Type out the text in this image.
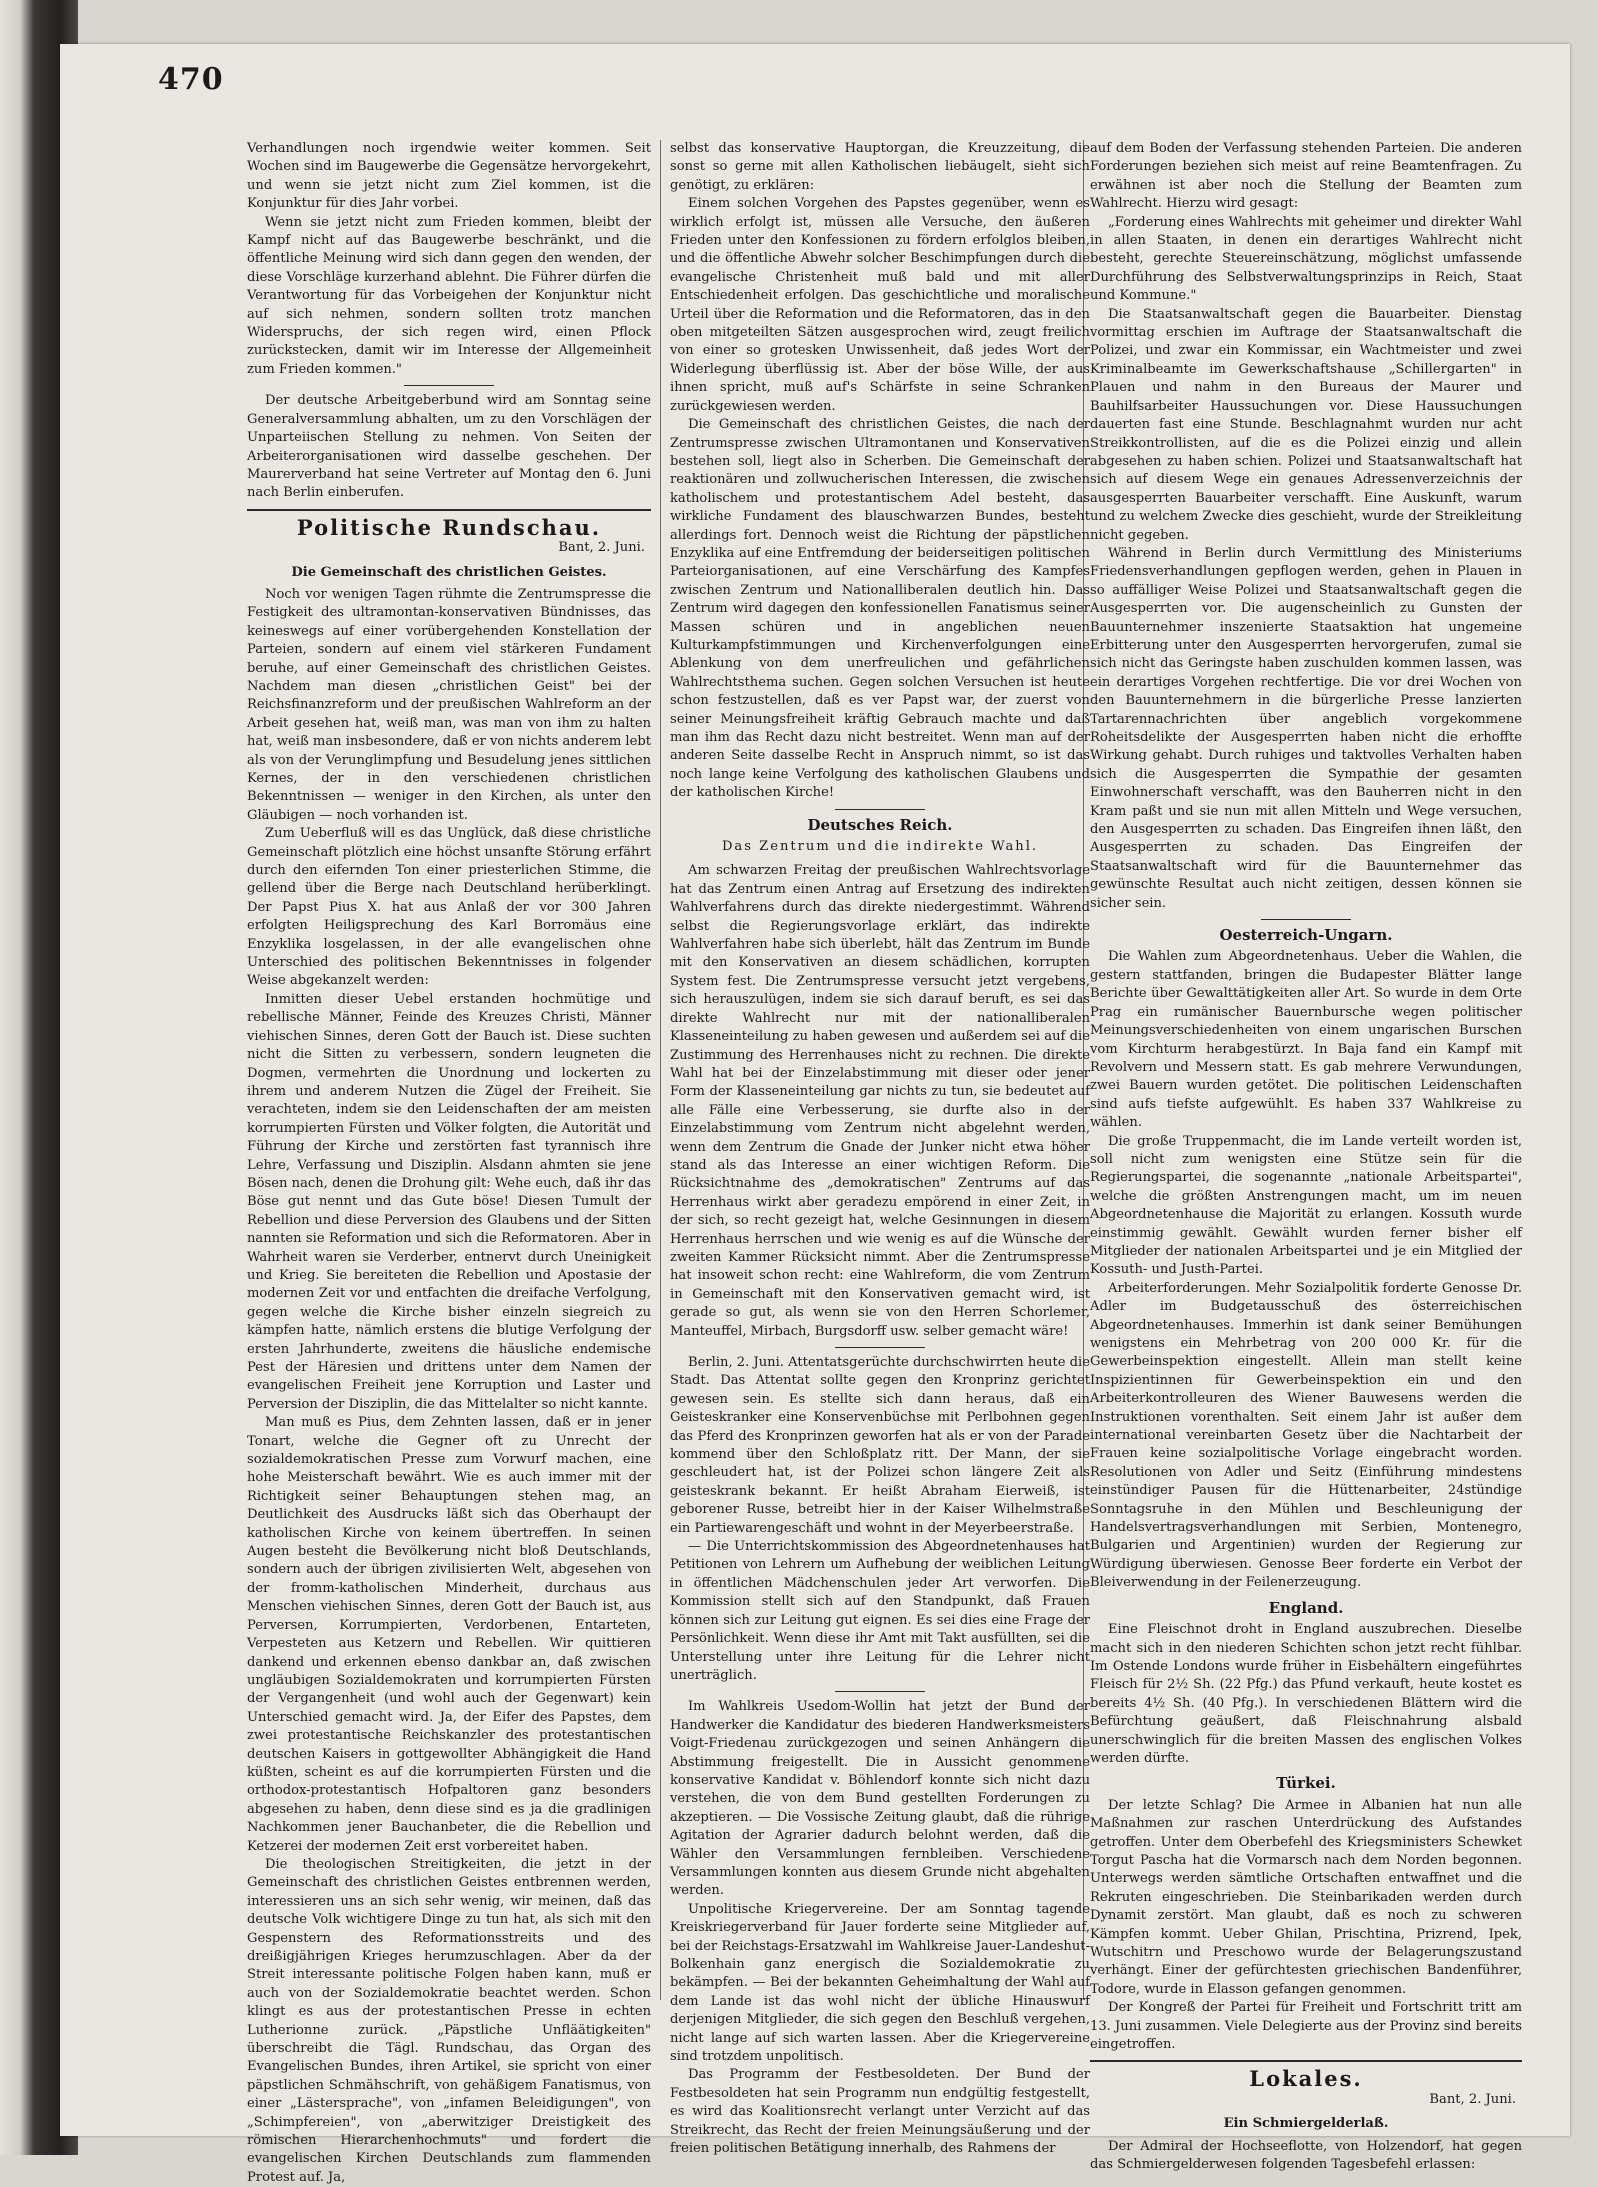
470

Verhandlungen noch irgendwie weiter kommen. Seit Wochen sind im Baugewerbe die Gegensätze hervorgekehrt, und wenn sie jetzt nicht zum Ziel kommen, ist die Konjunktur für dies Jahr vorbei.

Wenn sie jetzt nicht zum Frieden kommen, bleibt der Kampf nicht auf das Baugewerbe beschränkt, und die öffentliche Meinung wird sich dann gegen den wenden, der diese Vorschläge kurzerhand ablehnt. Die Führer dürfen die Verantwortung für das Vorbeigehen der Konjunktur nicht auf sich nehmen, sondern sollten trotz manchen Widerspruchs, der sich regen wird, einen Pflock zurückstecken, damit wir im Interesse der Allgemeinheit zum Frieden kommen."

Der deutsche Arbeitgeberbund wird am Sonntag seine Generalversammlung abhalten, um zu den Vorschlägen der Unparteiischen Stellung zu nehmen. Von Seiten der Arbeiterorganisationen wird dasselbe geschehen. Der Maurerverband hat seine Vertreter auf Montag den 6. Juni nach Berlin einberufen.

Politische Rundschau.
Bant, 2. Juni.
Die Gemeinschaft des christlichen Geistes.

Noch vor wenigen Tagen rühmte die Zentrumspresse die Festigkeit des ultramontan-konservativen Bündnisses, das keineswegs auf einer vorübergehenden Konstellation der Parteien, sondern auf einem viel stärkeren Fundament beruhe, auf einer Gemeinschaft des christlichen Geistes. Nachdem man diesen „christlichen Geist" bei der Reichsfinanzreform und der preußischen Wahlreform an der Arbeit gesehen hat, weiß man, was man von ihm zu halten hat, weiß man insbesondere, daß er von nichts anderem lebt als von der Verunglimpfung und Besudelung jenes sittlichen Kernes, der in den verschiedenen christlichen Bekenntnissen — weniger in den Kirchen, als unter den Gläubigen — noch vorhanden ist.

Zum Ueberfluß will es das Unglück, daß diese christliche Gemeinschaft plötzlich eine höchst unsanfte Störung erfährt durch den eifernden Ton einer priesterlichen Stimme, die gellend über die Berge nach Deutschland herüberklingt. Der Papst Pius X. hat aus Anlaß der vor 300 Jahren erfolgten Heiligsprechung des Karl Borromäus eine Enzyklika losgelassen, in der alle evangelischen ohne Unterschied des politischen Bekenntnisses in folgender Weise abgekanzelt werden:

Inmitten dieser Uebel erstanden hochmütige und rebellische Männer, Feinde des Kreuzes Christi, Männer viehischen Sinnes, deren Gott der Bauch ist. Diese suchten nicht die Sitten zu verbessern, sondern leugneten die Dogmen, vermehrten die Unordnung und lockerten zu ihrem und anderem Nutzen die Zügel der Freiheit. Sie verachteten, indem sie den Leidenschaften der am meisten korrumpierten Fürsten und Völker folgten, die Autorität und Führung der Kirche und zerstörten fast tyrannisch ihre Lehre, Verfassung und Disziplin. Alsdann ahmten sie jene Bösen nach, denen die Drohung gilt: Wehe euch, daß ihr das Böse gut nennt und das Gute böse! Diesen Tumult der Rebellion und diese Perversion des Glaubens und der Sitten nannten sie Reformation und sich die Reformatoren. Aber in Wahrheit waren sie Verderber, entnervt durch Uneinigkeit und Krieg. Sie bereiteten die Rebellion und Apostasie der modernen Zeit vor und entfachten die dreifache Verfolgung, gegen welche die Kirche bisher einzeln siegreich zu kämpfen hatte, nämlich erstens die blutige Verfolgung der ersten Jahrhunderte, zweitens die häusliche endemische Pest der Häresien und drittens unter dem Namen der evangelischen Freiheit jene Korruption und Laster und Perversion der Disziplin, die das Mittelalter so nicht kannte.

Man muß es Pius, dem Zehnten lassen, daß er in jener Tonart, welche die Gegner oft zu Unrecht der sozialdemokratischen Presse zum Vorwurf machen, eine hohe Meisterschaft bewährt. Wie es auch immer mit der Richtigkeit seiner Behauptungen stehen mag, an Deutlichkeit des Ausdrucks läßt sich das Oberhaupt der katholischen Kirche von keinem übertreffen. In seinen Augen besteht die Bevölkerung nicht bloß Deutschlands, sondern auch der übrigen zivilisierten Welt, abgesehen von der fromm-katholischen Minderheit, durchaus aus Menschen viehischen Sinnes, deren Gott der Bauch ist, aus Perversen, Korrumpierten, Verdorbenen, Entarteten, Verpesteten aus Ketzern und Rebellen. Wir quittieren dankend und erkennen ebenso dankbar an, daß zwischen ungläubigen Sozialdemokraten und korrumpierten Fürsten der Vergangenheit (und wohl auch der Gegenwart) kein Unterschied gemacht wird. Ja, der Eifer des Papstes, dem zwei protestantische Reichskanzler des protestantischen deutschen Kaisers in gottgewollter Abhängigkeit die Hand küßten, scheint es auf die korrumpierten Fürsten und die orthodox-protestantisch Hofpaltoren ganz besonders abgesehen zu haben, denn diese sind es ja die gradlinigen Nachkommen jener Bauchanbeter, die die Rebellion und Ketzerei der modernen Zeit erst vorbereitet haben.

Die theologischen Streitigkeiten, die jetzt in der Gemeinschaft des christlichen Geistes entbrennen werden, interessieren uns an sich sehr wenig, wir meinen, daß das deutsche Volk wichtigere Dinge zu tun hat, als sich mit den Gespenstern des Reformationsstreits und des dreißigjährigen Krieges herumzuschlagen. Aber da der Streit interessante politische Folgen haben kann, muß er auch von der Sozialdemokratie beachtet werden. Schon klingt es aus der protestantischen Presse in echten Lutherionne zurück. „Päpstliche Unfläätigkeiten" überschreibt die Tägl. Rundschau, das Organ des Evangelischen Bundes, ihren Artikel, sie spricht von einer päpstlichen Schmähschrift, von gehäßigem Fanatismus, von einer „Lästersprache", von „infamen Beleidigungen", von „Schimpfereien", von „aberwitziger Dreistigkeit des römischen Hierarchenhochmuts" und fordert die evangelischen Kirchen Deutschlands zum flammenden Protest auf. Ja,

selbst das konservative Hauptorgan, die Kreuzzeitung, die sonst so gerne mit allen Katholischen liebäugelt, sieht sich genötigt, zu erklären:

Einem solchen Vorgehen des Papstes gegenüber, wenn es wirklich erfolgt ist, müssen alle Versuche, den äußeren Frieden unter den Konfessionen zu fördern erfolglos bleiben, und die öffentliche Abwehr solcher Beschimpfungen durch die evangelische Christenheit muß bald und mit aller Entschiedenheit erfolgen. Das geschichtliche und moralische Urteil über die Reformation und die Reformatoren, das in den oben mitgeteilten Sätzen ausgesprochen wird, zeugt freilich von einer so grotesken Unwissenheit, daß jedes Wort der Widerlegung überflüssig ist. Aber der böse Wille, der aus ihnen spricht, muß auf's Schärfste in seine Schranken zurückgewiesen werden.

Die Gemeinschaft des christlichen Geistes, die nach der Zentrumspresse zwischen Ultramontanen und Konservativen bestehen soll, liegt also in Scherben. Die Gemeinschaft der reaktionären und zollwucherischen Interessen, die zwischen katholischem und protestantischem Adel besteht, das wirkliche Fundament des blauschwarzen Bundes, besteht allerdings fort. Dennoch weist die Richtung der päpstlichen Enzyklika auf eine Entfremdung der beiderseitigen politischen Parteiorganisationen, auf eine Verschärfung des Kampfes zwischen Zentrum und Nationalliberalen deutlich hin. Das Zentrum wird dagegen den konfessionellen Fanatismus seiner Massen schüren und in angeblichen neuen Kulturkampfstimmungen und Kirchenverfolgungen eine Ablenkung von dem unerfreulichen und gefährlichen Wahlrechtsthema suchen. Gegen solchen Versuchen ist heute schon festzustellen, daß es ver Papst war, der zuerst von seiner Meinungsfreiheit kräftig Gebrauch machte und daß man ihm das Recht dazu nicht bestreitet. Wenn man auf der anderen Seite dasselbe Recht in Anspruch nimmt, so ist das noch lange keine Verfolgung des katholischen Glaubens und der katholischen Kirche!

Deutsches Reich.
Das Zentrum und die indirekte Wahl.

Am schwarzen Freitag der preußischen Wahlrechtsvorlage hat das Zentrum einen Antrag auf Ersetzung des indirekten Wahlverfahrens durch das direkte niedergestimmt. Während selbst die Regierungsvorlage erklärt, das indirekte Wahlverfahren habe sich überlebt, hält das Zentrum im Bunde mit den Konservativen an diesem schädlichen, korrupten System fest. Die Zentrumspresse versucht jetzt vergebens, sich herauszulügen, indem sie sich darauf beruft, es sei das direkte Wahlrecht nur mit der nationalliberalen Klasseneinteilung zu haben gewesen und außerdem sei auf die Zustimmung des Herrenhauses nicht zu rechnen. Die direkte Wahl hat bei der Einzelabstimmung mit dieser oder jener Form der Klasseneinteilung gar nichts zu tun, sie bedeutet auf alle Fälle eine Verbesserung, sie durfte also in der Einzelabstimmung vom Zentrum nicht abgelehnt werden, wenn dem Zentrum die Gnade der Junker nicht etwa höher stand als das Interesse an einer wichtigen Reform. Die Rücksichtnahme des „demokratischen" Zentrums auf das Herrenhaus wirkt aber geradezu empörend in einer Zeit, in der sich, so recht gezeigt hat, welche Gesinnungen in diesem Herrenhaus herrschen und wie wenig es auf die Wünsche der zweiten Kammer Rücksicht nimmt. Aber die Zentrumspresse hat insoweit schon recht: eine Wahlreform, die vom Zentrum in Gemeinschaft mit den Konservativen gemacht wird, ist gerade so gut, als wenn sie von den Herren Schorlemer, Manteuffel, Mirbach, Burgsdorff usw. selber gemacht wäre!

Berlin, 2. Juni. Attentatsgerüchte durchschwirrten heute die Stadt. Das Attentat sollte gegen den Kronprinz gerichtet gewesen sein. Es stellte sich dann heraus, daß ein Geisteskranker eine Konservenbüchse mit Perlbohnen gegen das Pferd des Kronprinzen geworfen hat als er von der Parade kommend über den Schloßplatz ritt. Der Mann, der sie geschleudert hat, ist der Polizei schon längere Zeit als geisteskrank bekannt. Er heißt Abraham Eierweiß, ist geborener Russe, betreibt hier in der Kaiser Wilhelmstraße ein Partiewarengeschäft und wohnt in der Meyerbeerstraße.

— Die Unterrichtskommission des Abgeordnetenhauses hat Petitionen von Lehrern um Aufhebung der weiblichen Leitung in öffentlichen Mädchenschulen jeder Art verworfen. Die Kommission stellt sich auf den Standpunkt, daß Frauen können sich zur Leitung gut eignen. Es sei dies eine Frage der Persönlichkeit. Wenn diese ihr Amt mit Takt ausfüllten, sei die Unterstellung unter ihre Leitung für die Lehrer nicht unerträglich.

Im Wahlkreis Usedom-Wollin hat jetzt der Bund der Handwerker die Kandidatur des biederen Handwerksmeisters Voigt-Friedenau zurückgezogen und seinen Anhängern die Abstimmung freigestellt. Die in Aussicht genommene konservative Kandidat v. Böhlendorf konnte sich nicht dazu verstehen, die von dem Bund gestellten Forderungen zu akzeptieren. — Die Vossische Zeitung glaubt, daß die rührige Agitation der Agrarier dadurch belohnt werden, daß die Wähler den Versammlungen fernbleiben. Verschiedene Versammlungen konnten aus diesem Grunde nicht abgehalten werden.

Unpolitische Kriegervereine. Der am Sonntag tagende Kreiskriegerverband für Jauer forderte seine Mitglieder auf, bei der Reichstags-Ersatzwahl im Wahlkreise Jauer-Landeshut-Bolkenhain ganz energisch die Sozialdemokratie zu bekämpfen. — Bei der bekannten Geheimhaltung der Wahl auf dem Lande ist das wohl nicht der übliche Hinauswurf derjenigen Mitglieder, die sich gegen den Beschluß vergehen, nicht lange auf sich warten lassen. Aber die Kriegervereine sind trotzdem unpolitisch.

Das Programm der Festbesoldeten. Der Bund der Festbesoldeten hat sein Programm nun endgültig festgestellt, es wird das Koalitionsrecht verlangt unter Verzicht auf das Streikrecht, das Recht der freien Meinungsäußerung und der freien politischen Betätigung innerhalb, des Rahmens der

auf dem Boden der Verfassung stehenden Parteien. Die anderen Forderungen beziehen sich meist auf reine Beamtenfragen. Zu erwähnen ist aber noch die Stellung der Beamten zum Wahlrecht. Hierzu wird gesagt:

„Forderung eines Wahlrechts mit geheimer und direkter Wahl in allen Staaten, in denen ein derartiges Wahlrecht nicht besteht, gerechte Steuereinschätzung, möglichst umfassende Durchführung des Selbstverwaltungsprinzips in Reich, Staat und Kommune."

Die Staatsanwaltschaft gegen die Bauarbeiter. Dienstag vormittag erschien im Auftrage der Staatsanwaltschaft die Polizei, und zwar ein Kommissar, ein Wachtmeister und zwei Kriminalbeamte im Gewerkschaftshause „Schillergarten" in Plauen und nahm in den Bureaus der Maurer und Bauhilfsarbeiter Haussuchungen vor. Diese Haussuchungen dauerten fast eine Stunde. Beschlagnahmt wurden nur acht Streikkontrollisten, auf die es die Polizei einzig und allein abgesehen zu haben schien. Polizei und Staatsanwaltschaft hat sich auf diesem Wege ein genaues Adressenverzeichnis der ausgesperrten Bauarbeiter verschafft. Eine Auskunft, warum und zu welchem Zwecke dies geschieht, wurde der Streikleitung nicht gegeben.

Während in Berlin durch Vermittlung des Ministeriums Friedensverhandlungen gepflogen werden, gehen in Plauen in so auffälliger Weise Polizei und Staatsanwaltschaft gegen die Ausgesperrten vor. Die augenscheinlich zu Gunsten der Bauunternehmer inszenierte Staatsaktion hat ungemeine Erbitterung unter den Ausgesperrten hervorgerufen, zumal sie sich nicht das Geringste haben zuschulden kommen lassen, was ein derartiges Vorgehen rechtfertige. Die vor drei Wochen von den Bauunternehmern in die bürgerliche Presse lanzierten Tartarennachrichten über angeblich vorgekommene Roheitsdelikte der Ausgesperrten haben nicht die erhoffte Wirkung gehabt. Durch ruhiges und taktvolles Verhalten haben sich die Ausgesperrten die Sympathie der gesamten Einwohnerschaft verschafft, was den Bauherren nicht in den Kram paßt und sie nun mit allen Mitteln und Wege versuchen, den Ausgesperrten zu schaden. Das Eingreifen ihnen läßt, den Ausgesperrten zu schaden. Das Eingreifen der Staatsanwaltschaft wird für die Bauunternehmer das gewünschte Resultat auch nicht zeitigen, dessen können sie sicher sein.

Oesterreich-Ungarn.

Die Wahlen zum Abgeordnetenhaus. Ueber die Wahlen, die gestern stattfanden, bringen die Budapester Blätter lange Berichte über Gewalttätigkeiten aller Art. So wurde in dem Orte Prag ein rumänischer Bauernbursche wegen politischer Meinungsverschiedenheiten von einem ungarischen Burschen vom Kirchturm herabgestürzt. In Baja fand ein Kampf mit Revolvern und Messern statt. Es gab mehrere Verwundungen, zwei Bauern wurden getötet. Die politischen Leidenschaften sind aufs tiefste aufgewühlt. Es haben 337 Wahlkreise zu wählen.

Die große Truppenmacht, die im Lande verteilt worden ist, soll nicht zum wenigsten eine Stütze sein für die Regierungspartei, die sogenannte „nationale Arbeitspartei", welche die größten Anstrengungen macht, um im neuen Abgeordnetenhause die Majorität zu erlangen. Kossuth wurde einstimmig gewählt. Gewählt wurden ferner bisher elf Mitglieder der nationalen Arbeitspartei und je ein Mitglied der Kossuth- und Justh-Partei.

Arbeiterforderungen. Mehr Sozialpolitik forderte Genosse Dr. Adler im Budgetausschuß des österreichischen Abgeordnetenhauses. Immerhin ist dank seiner Bemühungen wenigstens ein Mehrbetrag von 200 000 Kr. für die Gewerbeinspektion eingestellt. Allein man stellt keine Inspizientinnen für Gewerbeinspektion ein und den Arbeiterkontrolleuren des Wiener Bauwesens werden die Instruktionen vorenthalten. Seit einem Jahr ist außer dem international vereinbarten Gesetz über die Nachtarbeit der Frauen keine sozialpolitische Vorlage eingebracht worden. Resolutionen von Adler und Seitz (Einführung mindestens einstündiger Pausen für die Hüttenarbeiter, 24stündige Sonntagsruhe in den Mühlen und Beschleunigung der Handelsvertragsverhandlungen mit Serbien, Montenegro, Bulgarien und Argentinien) wurden der Regierung zur Würdigung überwiesen. Genosse Beer forderte ein Verbot der Bleiverwendung in der Feilenerzeugung.

England.

Eine Fleischnot droht in England auszubrechen. Dieselbe macht sich in den niederen Schichten schon jetzt recht fühlbar. Im Ostende Londons wurde früher in Eisbehältern eingeführtes Fleisch für 2½ Sh. (22 Pfg.) das Pfund verkauft, heute kostet es bereits 4½ Sh. (40 Pfg.). In verschiedenen Blättern wird die Befürchtung geäußert, daß Fleischnahrung alsbald unerschwinglich für die breiten Massen des englischen Volkes werden dürfte.

Türkei.

Der letzte Schlag? Die Armee in Albanien hat nun alle Maßnahmen zur raschen Unterdrückung des Aufstandes getroffen. Unter dem Oberbefehl des Kriegsministers Schewket Torgut Pascha hat die Vormarsch nach dem Norden begonnen. Unterwegs werden sämtliche Ortschaften entwaffnet und die Rekruten eingeschrieben. Die Steinbarikaden werden durch Dynamit zerstört. Man glaubt, daß es noch zu schweren Kämpfen kommt. Ueber Ghilan, Prischtina, Prizrend, Ipek, Wutschitrn und Preschowo wurde der Belagerungszustand verhängt. Einer der gefürchtesten griechischen Bandenführer, Todore, wurde in Elasson gefangen genommen.

Der Kongreß der Partei für Freiheit und Fortschritt tritt am 13. Juni zusammen. Viele Delegierte aus der Provinz sind bereits eingetroffen.

Lokales.
Bant, 2. Juni.
Ein Schmiergelderlaß.

Der Admiral der Hochseeflotte, von Holzendorf, hat gegen das Schmiergelderwesen folgenden Tagesbefehl erlassen:
